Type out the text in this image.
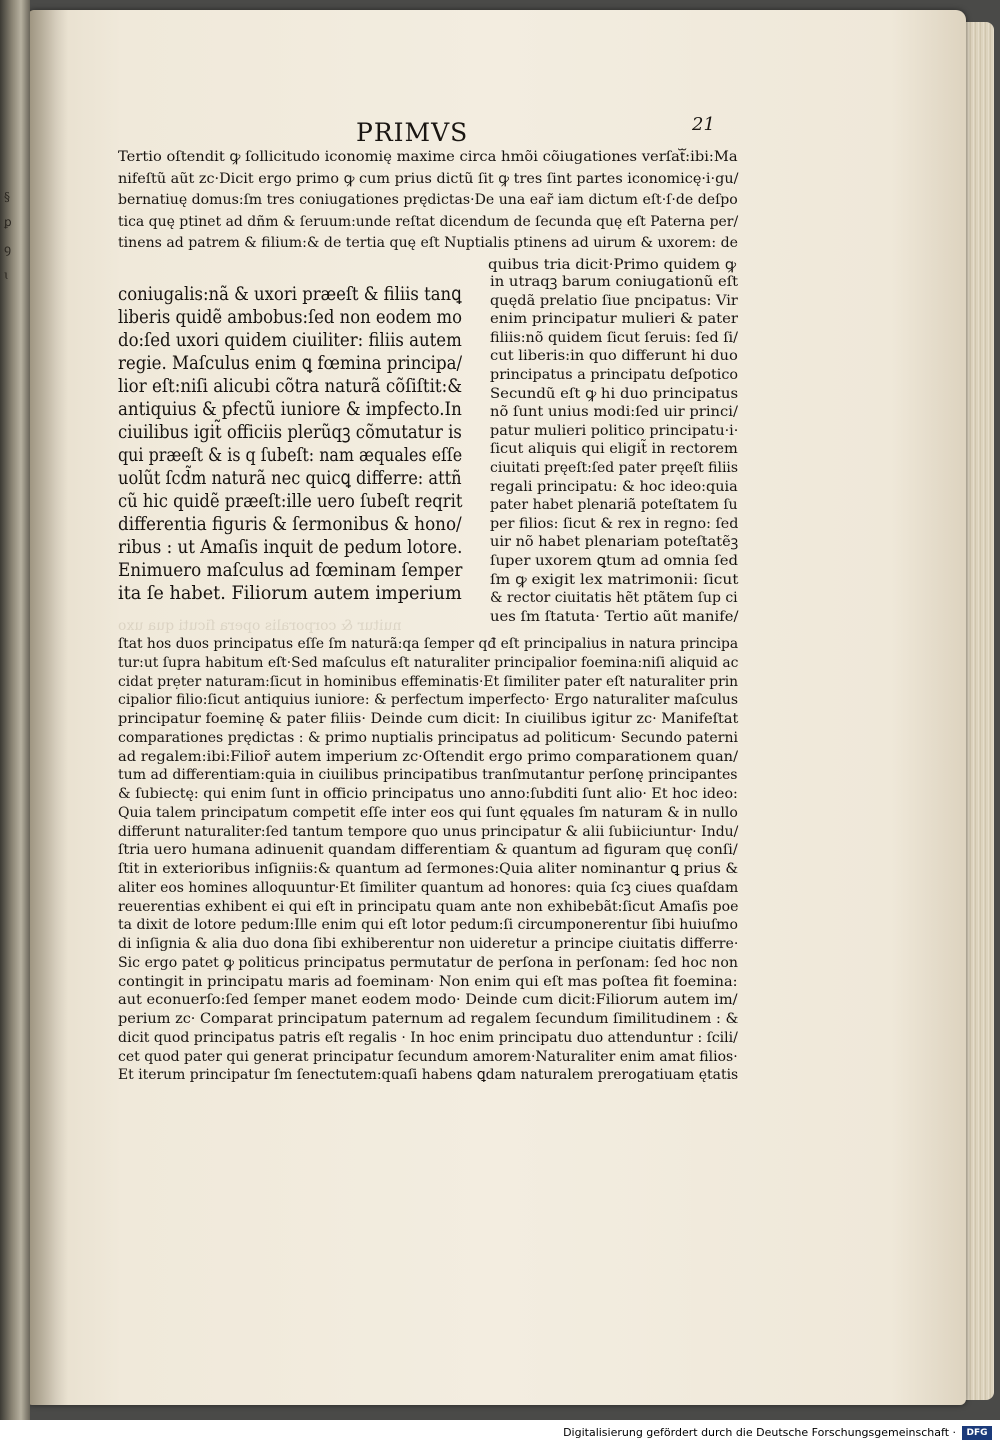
§
ꝑ
ꝯ
ɩ
PRIMVS	21
Tertio oſtendit ꝙ ſollicitudo iconomię maxime circa hmõi cõiugationes verſatᷓ:ibi:Ma
nifeſtũ aũt zc·Dicit ergo primo ꝙ cum prius dictũ ſit ꝙ tres ſint partes iconomicę·i·gu/
bernatiuę domus:ſm tres coniugationes prędictas·De una ear̃ iam dictum eſt·ſ·de deſpo
tica quę ptinet ad dñm & ſeruum:unde reſtat dicendum de ſecunda quę eſt Paterna per/
tinens ad patrem & filium:& de tertia quę eſt Nuptialis ptinens ad uirum & uxorem: de
quibus tria dicit·Primo quidem ꝙ
coniugalis:nã & uxori præeſt & filiis tanꝗ
liberis quidẽ ambobus:ſed non eodem mo
do:ſed uxori quidem ciuiliter: filiis autem
regie. Maſculus enim ꝗ fœmina principa/
lior eſt:niſi alicubi cõtra naturã cõſiſtit:&
antiquius & pfectũ iuniore & impfecto.In
ciuilibus igit̃ officiis plerũqꝫ cõmutatur is
qui præeſt & is q ſubeſt: nam æquales eſſe
uolũt ſcd̃m naturã nec quicꝗ differre: attñ
cũ hic quidẽ præeſt:ille uero ſubeſt reqrit
differentia figuris & ſermonibus & hono/
ribus : ut Amaſis inquit de pedum lotore.
Enimuero maſculus ad fœminam ſemper
ita ſe habet. Filiorum autem imperium
in utraqꝫ barum coniugationũ eſt
quędã prelatio ſiue pncipatus: Vir
enim principatur mulieri & pater
filiis:nõ quidem ſicut ſeruis: ſed ſi/
cut liberis:in quo differunt hi duo
principatus a principatu deſpotico
Secundũ eſt ꝙ hi duo principatus
nõ ſunt unius modi:ſed uir princi/
patur mulieri politico principatu·i·
ſicut aliquis qui eligit̃ in rectorem
ciuitati pręeſt:ſed pater pręeſt filiis
regali principatu: & hoc ideo:quia
pater habet plenariã poteſtatem ſu
per filios: ſicut & rex in regno: ſed
uir nõ habet plenariam poteſtatẽꝫ
ſuper uxorem ꝗtum ad omnia ſed
ſm ꝙ exigit lex matrimonii: ſicut
& rector ciuitatis hẽt ptãtem ſup ci
ues ſm ſtatuta· Tertio aũt manife/
ſtat hos duos principatus eſſe ſm naturã:qa ſemper qđ eſt principalius in natura principa
tur:ut ſupra habitum eſt·Sed maſculus eſt naturaliter principalior foemina:niſi aliquid ac
cidat prẹter naturam:ſicut in hominibus effeminatis·Et ſimiliter pater eſt naturaliter prin
cipalior filio:ſicut antiquius iuniore: & perfectum imperfecto· Ergo naturaliter maſculus
principatur foeminę & pater filiis· Deinde cum dicit: In ciuilibus igitur zc· Manifeſtat
comparationes prędictas : & primo nuptialis principatus ad politicum· Secundo paterni
ad regalem:ibi:Filior̃ autem imperium zc·Oſtendit ergo primo comparationem quan/
tum ad differentiam:quia in ciuilibus principatibus tranſmutantur perſonę principantes
& ſubiectę: qui enim ſunt in officio principatus uno anno:ſubditi ſunt alio· Et hoc ideo:
Quia talem principatum competit eſſe inter eos qui ſunt ęquales ſm naturam & in nullo
differunt naturaliter:ſed tantum tempore quo unus principatur & alii ſubiiciuntur· Indu/
ſtria uero humana adinuenit quandam differentiam & quantum ad figuram quę conſi/
ſtit in exterioribus inſigniis:& quantum ad ſermones:Quia aliter nominantur ꝗ prius &
aliter eos homines alloquuntur·Et ſimiliter quantum ad honores: quia ſcꝫ ciues quaſdam
reuerentias exhibent ei qui eſt in principatu quam ante non exhibebãt:ſicut Amaſis poe
ta dixit de lotore pedum:Ille enim qui eſt lotor pedum:ſi circumponerentur ſibi huiuſmo
di inſignia & alia duo dona ſibi exhiberentur non uideretur a principe ciuitatis differre·
Sic ergo patet ꝙ politicus principatus permutatur de perſona in perſonam: ſed hoc non
contingit in principatu maris ad foeminam· Non enim qui eſt mas poſtea fit foemina:
aut econuerſo:ſed ſemper manet eodem modo· Deinde cum dicit:Filiorum autem im/
perium zc· Comparat principatum paternum ad regalem ſecundum ſimilitudinem : &
dicit quod principatus patris eſt regalis · In hoc enim principatu duo attenduntur : ſcili/
cet quod pater qui generat principatur ſecundum amorem·Naturaliter enim amat filios·
Et iterum principatur ſm ſenectutem:quaſi habens ꝗdam naturalem prerogatiuam ętatis
nuitur & corporalis opera ſicuti qua uxo
Digitalisierung gefördert durch die Deutsche Forschungsgemeinschaft ·	DFG
